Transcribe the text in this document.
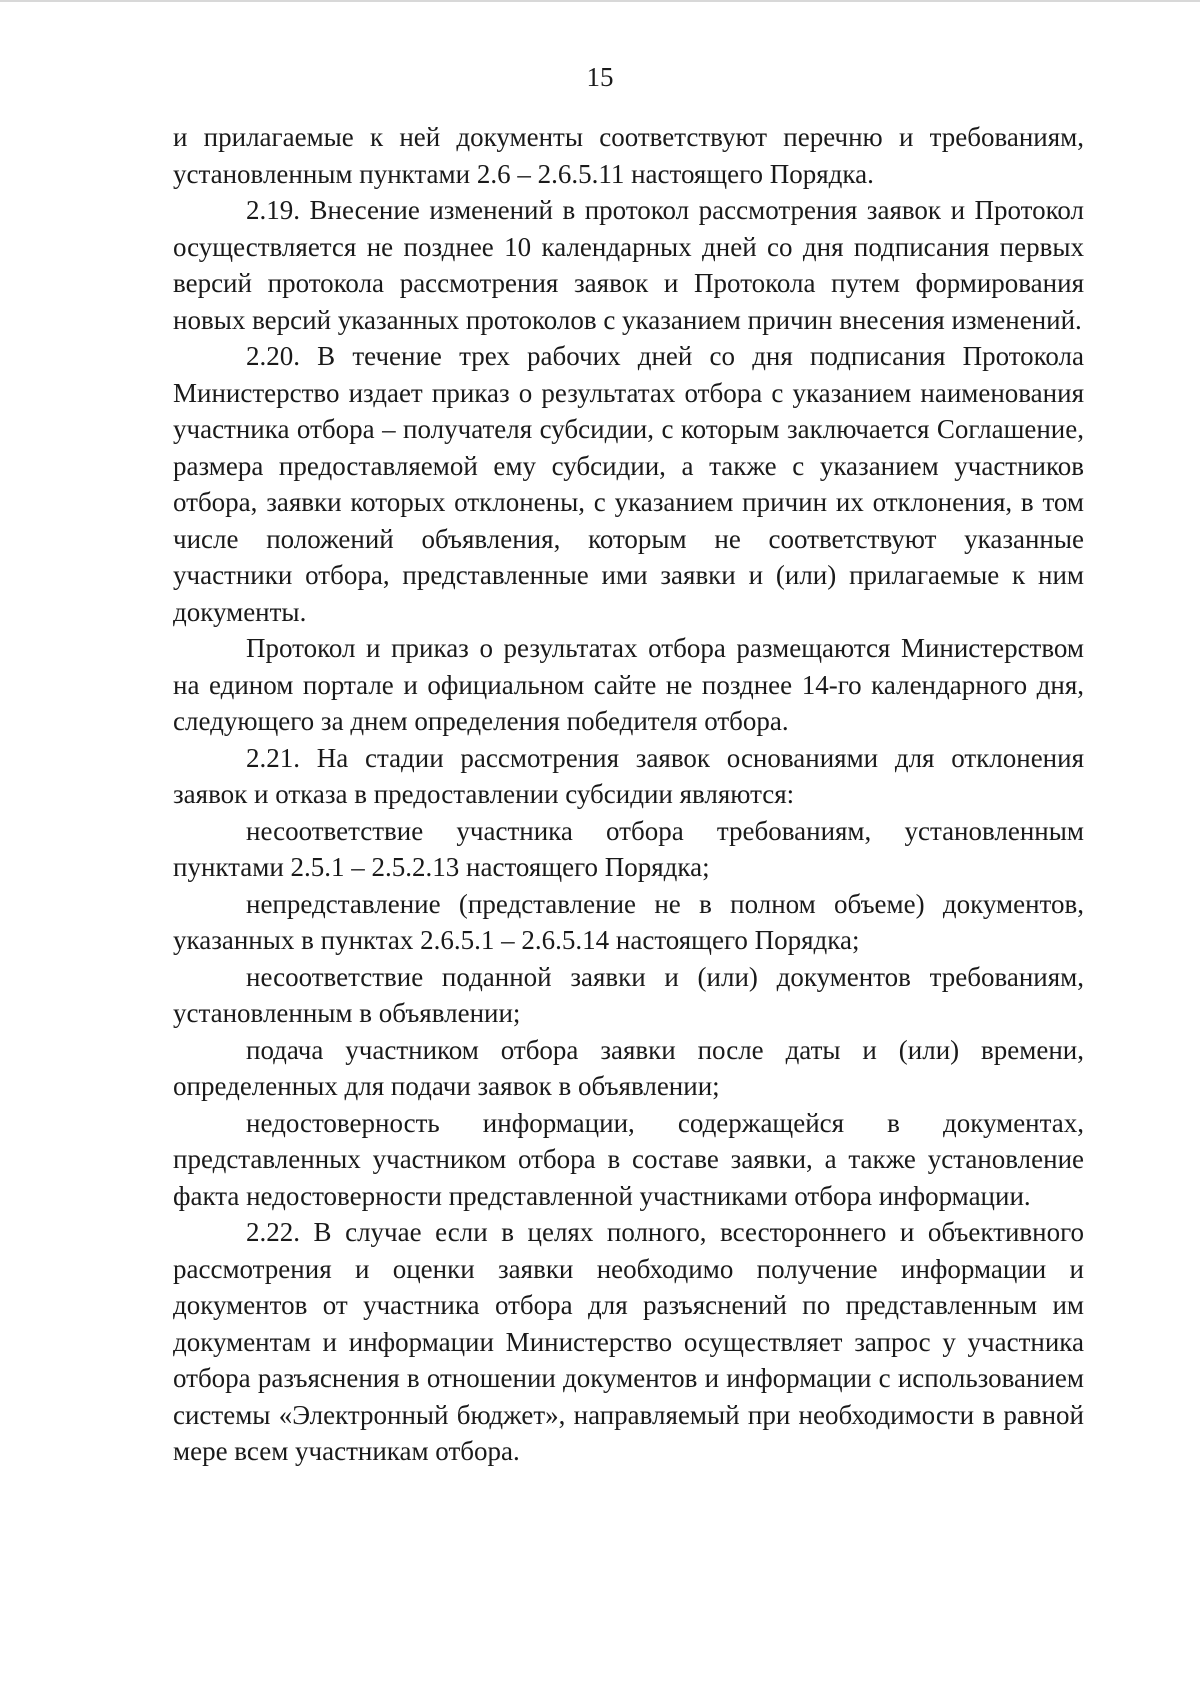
15

и прилагаемые к ней документы соответствуют перечню и требованиям, установленным пунктами 2.6 – 2.6.5.11 настоящего Порядка.

2.19. Внесение изменений в протокол рассмотрения заявок и Протокол осуществляется не позднее 10 календарных дней со дня подписания первых версий протокола рассмотрения заявок и Протокола путем формирования новых версий указанных протоколов с указанием причин внесения изменений.

2.20. В течение трех рабочих дней со дня подписания Протокола Министерство издает приказ о результатах отбора с указанием наименования участника отбора – получателя субсидии, с которым заключается Соглашение, размера предоставляемой ему субсидии, а также с указанием участников отбора, заявки которых отклонены, с указанием причин их отклонения, в том числе положений объявления, которым не соответствуют указанные участники отбора, представленные ими заявки и (или) прилагаемые к ним документы.

Протокол и приказ о результатах отбора размещаются Министерством на едином портале и официальном сайте не позднее 14-го календарного дня, следующего за днем определения победителя отбора.

2.21. На стадии рассмотрения заявок основаниями для отклонения заявок и отказа в предоставлении субсидии являются:

несоответствие участника отбора требованиям, установленным пунктами 2.5.1 – 2.5.2.13 настоящего Порядка;

непредставление (представление не в полном объеме) документов, указанных в пунктах 2.6.5.1 – 2.6.5.14 настоящего Порядка;

несоответствие поданной заявки и (или) документов требованиям, установленным в объявлении;

подача участником отбора заявки после даты и (или) времени, определенных для подачи заявок в объявлении;

недостоверность информации, содержащейся в документах, представленных участником отбора в составе заявки, а также установление факта недостоверности представленной участниками отбора информации.

2.22. В случае если в целях полного, всестороннего и объективного рассмотрения и оценки заявки необходимо получение информации и документов от участника отбора для разъяснений по представленным им документам и информации Министерство осуществляет запрос у участника отбора разъяснения в отношении документов и информации с использованием системы «Электронный бюджет», направляемый при необходимости в равной мере всем участникам отбора.
